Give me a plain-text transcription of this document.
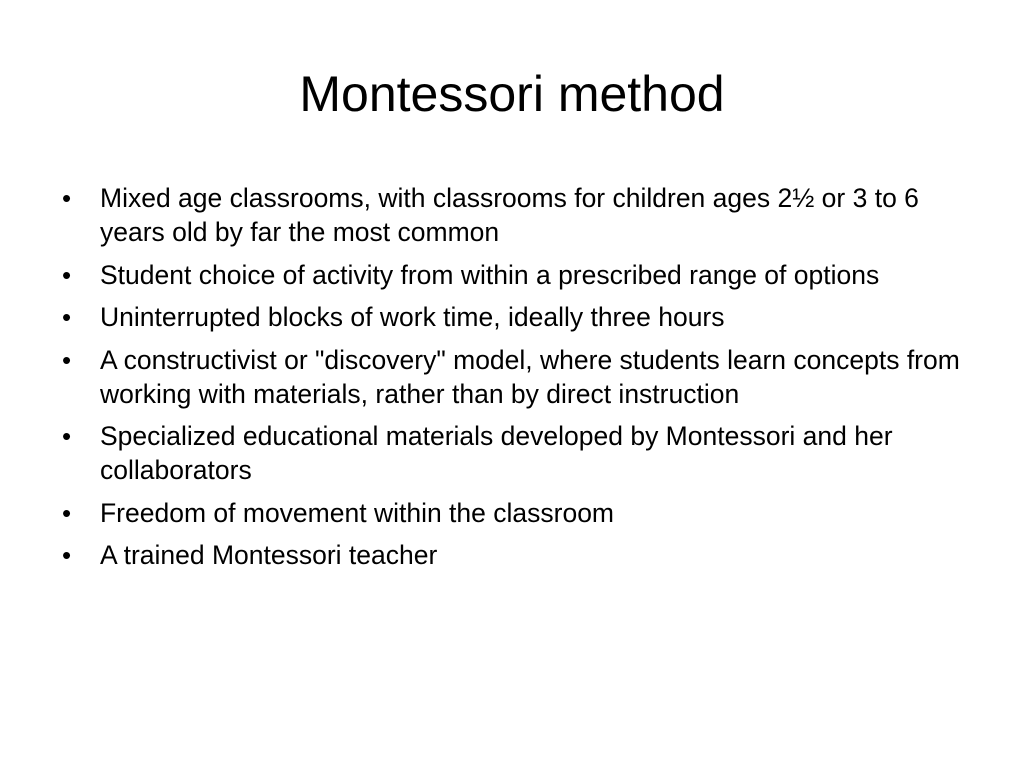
Montessori method
•	Mixed age classrooms, with classrooms for children ages 2½ or 3 to 6 years old by far the most common
•	Student choice of activity from within a prescribed range of options
•	Uninterrupted blocks of work time, ideally three hours
•	A constructivist or "discovery" model, where students learn concepts from working with materials, rather than by direct instruction
•	Specialized educational materials developed by Montessori and her collaborators
•	Freedom of movement within the classroom
•	A trained Montessori teacher
